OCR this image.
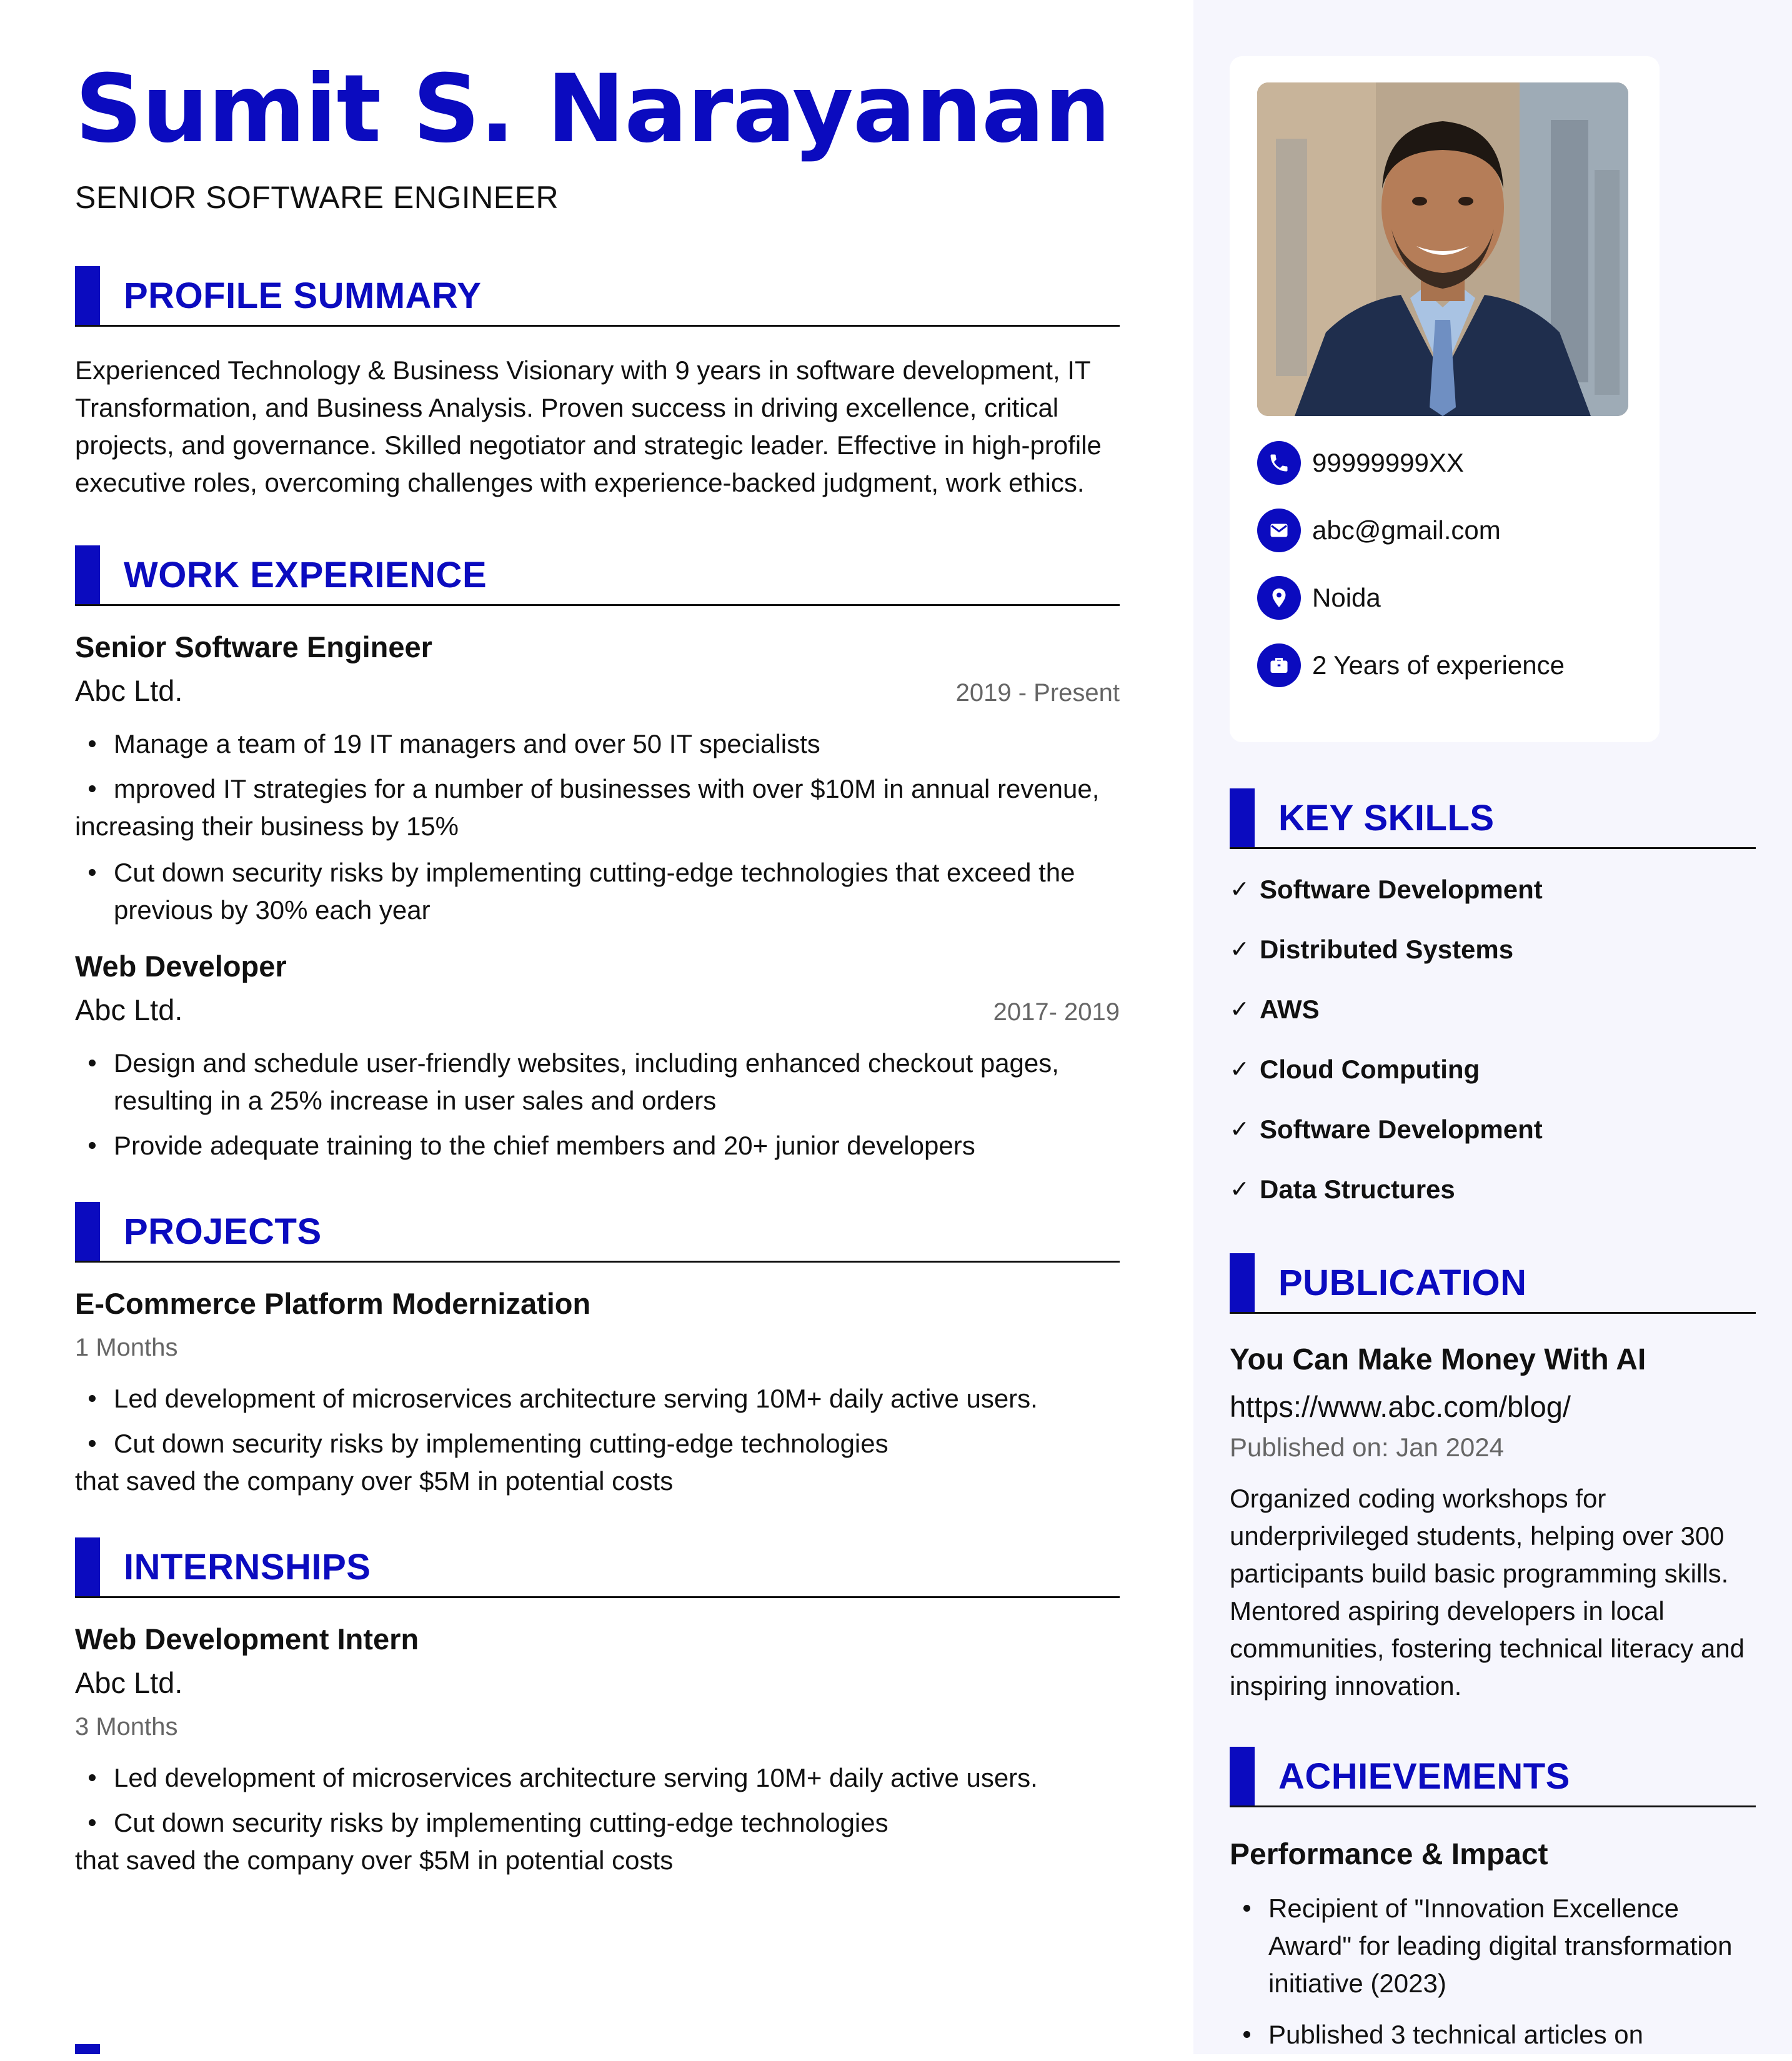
Sumit S. Narayanan
SENIOR SOFTWARE ENGINEER
PROFILE SUMMARY
Experienced Technology & Business Visionary with 9 years in software development, IT Transformation, and Business Analysis. Proven success in driving excellence, critical projects, and governance. Skilled negotiator and strategic leader. Effective in high-profile executive roles, overcoming challenges with experience-backed judgment, work ethics.
WORK EXPERIENCE
Senior Software Engineer
Abc Ltd.	2019 - Present
Manage a team of 19 IT managers and over 50 IT specialists
mproved IT strategies for a number of businesses with over $10M in annual revenue,
increasing their business by 15%
Cut down security risks by implementing cutting-edge technologies that exceed the previous by 30% each year
Web Developer
Abc Ltd.	2017- 2019
Design and schedule user-friendly websites, including enhanced checkout pages, resulting in a 25% increase in user sales and orders
Provide adequate training to the chief members and 20+ junior developers
PROJECTS
E-Commerce Platform Modernization
1 Months
Led development of microservices architecture serving 10M+ daily active users.
Cut down security risks by implementing cutting-edge technologies
that saved the company over $5M in potential costs
INTERNSHIPS
Web Development Intern
Abc Ltd.
3 Months
Led development of microservices architecture serving 10M+ daily active users.
Cut down security risks by implementing cutting-edge technologies
that saved the company over $5M in potential costs
99999999XX
abc@gmail.com
Noida
2 Years of experience
KEY SKILLS
✓ Software Development
✓ Distributed Systems
✓ AWS
✓ Cloud Computing
✓ Software Development
✓ Data Structures
PUBLICATION
You Can Make Money With AI
https://www.abc.com/blog/
Published on: Jan 2024
Organized coding workshops for underprivileged students, helping over 300 participants build basic programming skills. Mentored aspiring developers in local communities, fostering technical literacy and inspiring innovation.
ACHIEVEMENTS
Performance & Impact
Recipient of "Innovation Excellence Award" for leading digital transformation initiative (2023)
Published 3 technical articles on
